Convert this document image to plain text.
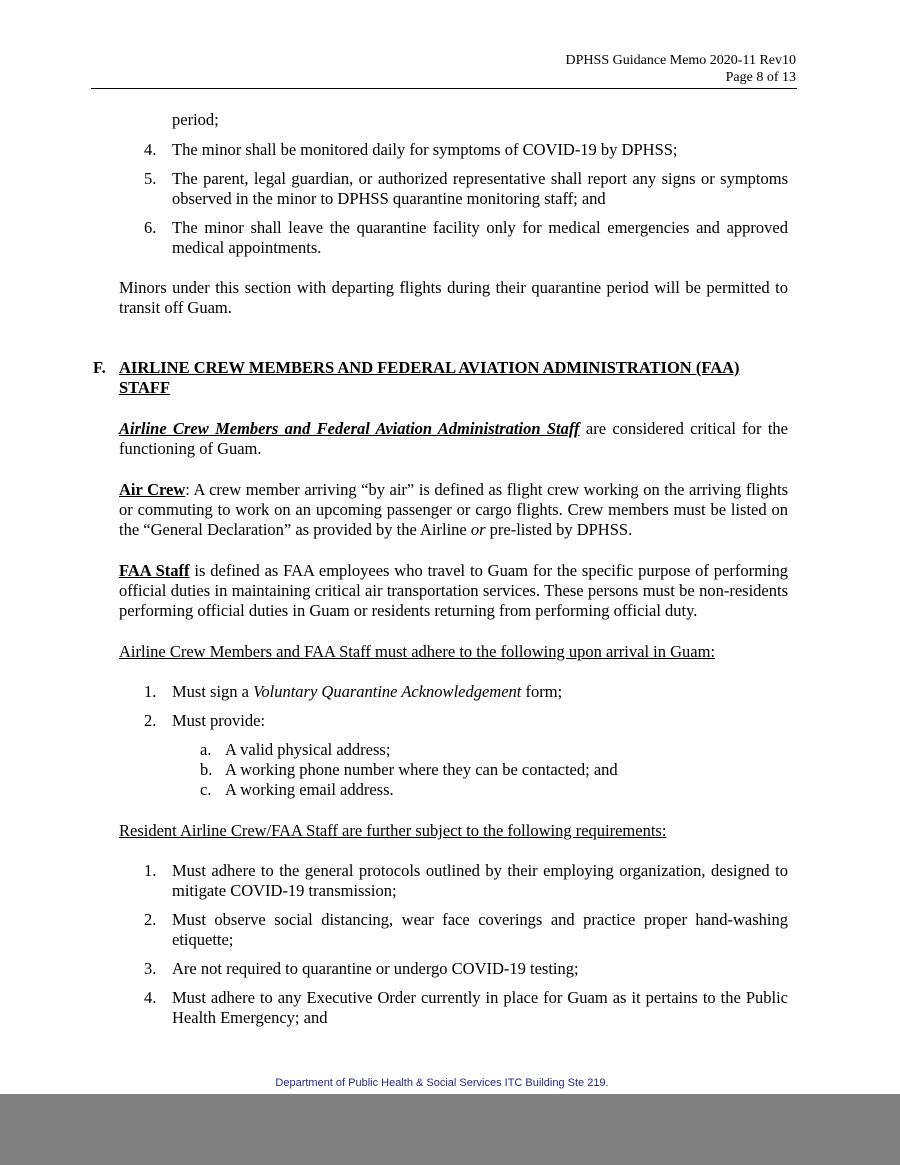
DPHSS Guidance Memo 2020-11 Rev10
Page 8 of 13
period;
4. The minor shall be monitored daily for symptoms of COVID-19 by DPHSS;
5. The parent, legal guardian, or authorized representative shall report any signs or symptoms observed in the minor to DPHSS quarantine monitoring staff; and
6. The minor shall leave the quarantine facility only for medical emergencies and approved medical appointments.

Minors under this section with departing flights during their quarantine period will be permitted to transit off Guam.

F. AIRLINE CREW MEMBERS AND FEDERAL AVIATION ADMINISTRATION (FAA) STAFF

Airline Crew Members and Federal Aviation Administration Staff are considered critical for the functioning of Guam.

Air Crew: A crew member arriving “by air” is defined as flight crew working on the arriving flights or commuting to work on an upcoming passenger or cargo flights. Crew members must be listed on the “General Declaration” as provided by the Airline or pre-listed by DPHSS.

FAA Staff is defined as FAA employees who travel to Guam for the specific purpose of performing official duties in maintaining critical air transportation services. These persons must be non-residents performing official duties in Guam or residents returning from performing official duty.

Airline Crew Members and FAA Staff must adhere to the following upon arrival in Guam:

1. Must sign a Voluntary Quarantine Acknowledgement form;
2. Must provide:
a. A valid physical address;
b. A working phone number where they can be contacted; and
c. A working email address.

Resident Airline Crew/FAA Staff are further subject to the following requirements:

1. Must adhere to the general protocols outlined by their employing organization, designed to mitigate COVID-19 transmission;
2. Must observe social distancing, wear face coverings and practice proper hand-washing etiquette;
3. Are not required to quarantine or undergo COVID-19 testing;
4. Must adhere to any Executive Order currently in place for Guam as it pertains to the Public Health Emergency; and
Department of Public Health & Social Services ITC Building Ste 219.
